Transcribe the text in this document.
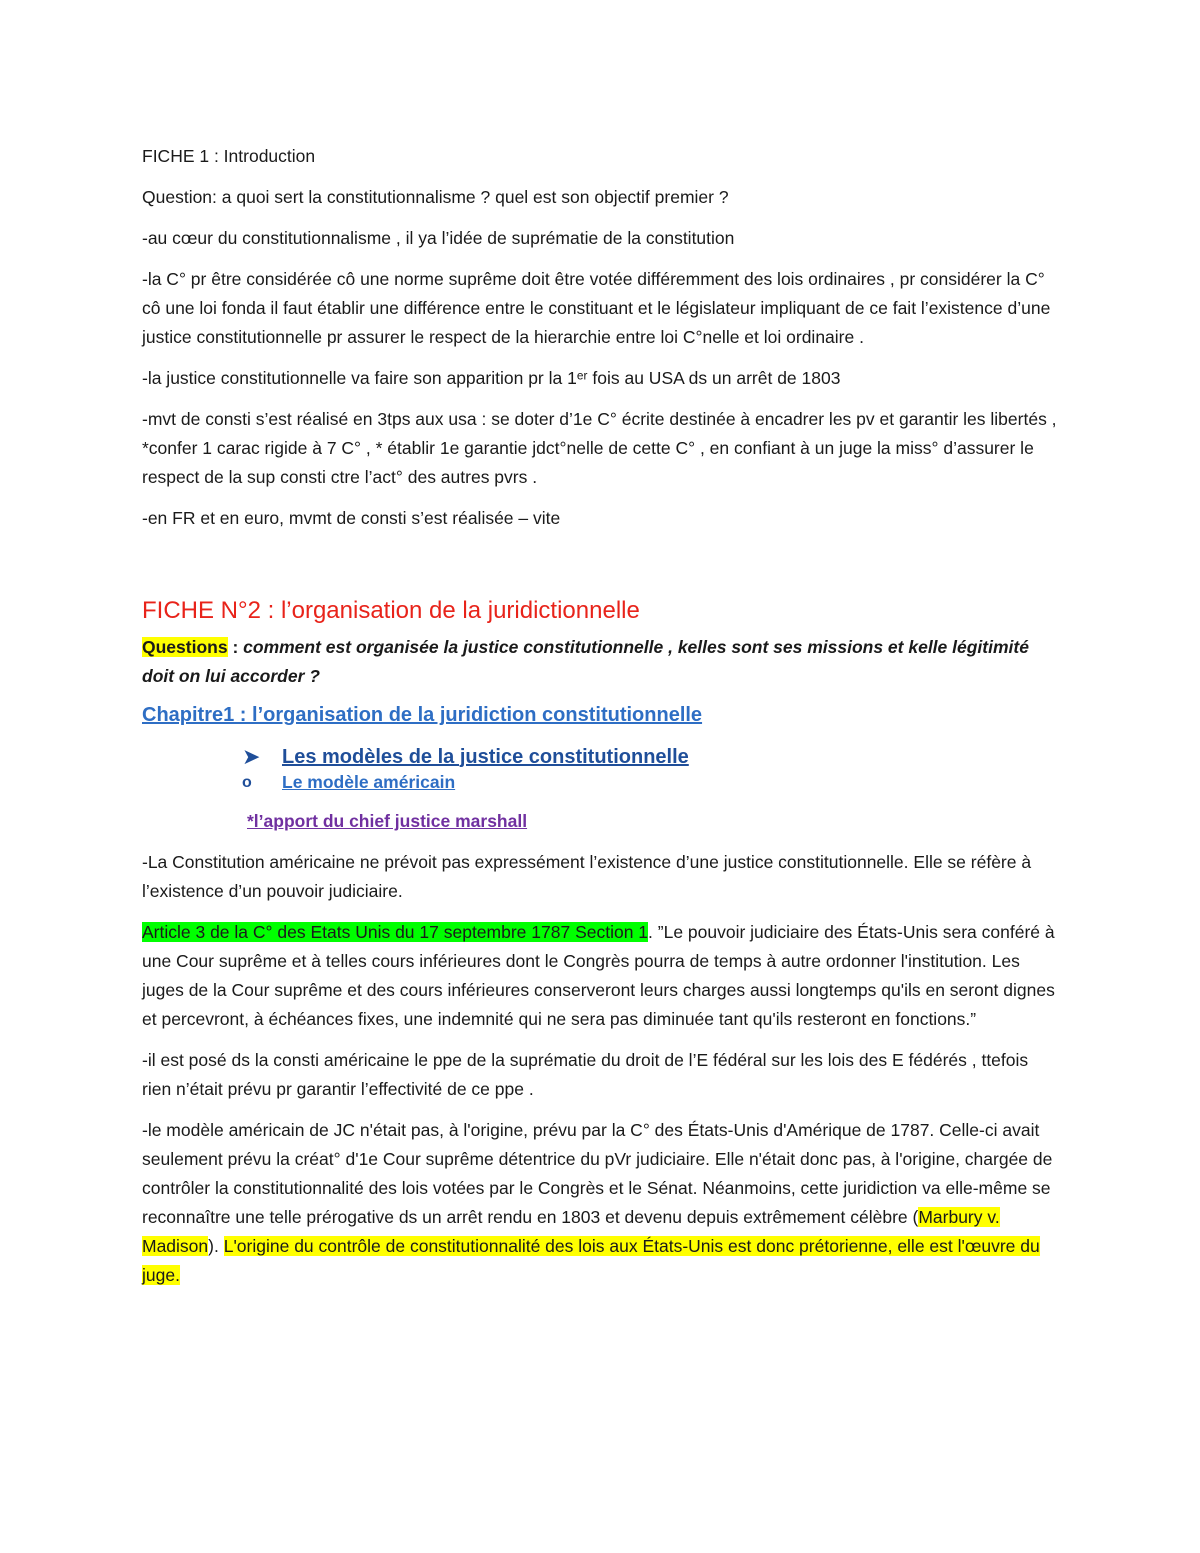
FICHE 1 : Introduction

Question: a quoi sert la constitutionnalisme ? quel est son objectif premier ?

-au cœur du constitutionnalisme , il ya l’idée de suprématie de la constitution

-la C° pr être considérée cô une norme suprême doit être votée différemment des lois ordinaires , pr considérer la C° cô une loi fonda il faut établir une différence entre le constituant et le législateur impliquant de ce fait l’existence d’une justice constitutionnelle pr assurer le respect de la hierarchie entre loi C°nelle et loi ordinaire .

-la justice constitutionnelle va faire son apparition pr la 1ᵉʳ fois au USA ds un arrêt de 1803

-mvt de consti s’est réalisé en 3tps aux usa : se doter d’1e C° écrite destinée à encadrer les pv et garantir les libertés , *confer 1 carac rigide à 7 C° , * établir 1e garantie jdct°nelle de cette C° , en confiant à un juge la miss° d’assurer le respect de la sup consti ctre l’act° des autres pvrs .

-en FR et en euro, mvmt de consti s’est réalisée – vite

FICHE N°2 : l’organisation de la juridictionnelle

Questions : comment est organisée la justice constitutionnelle , kelles sont ses missions et kelle légitimité doit on lui accorder ?

Chapitre1 : l’organisation de la juridiction constitutionnelle

➤	Les modèles de la justice constitutionnelle
o	Le modèle américain

*l’apport du chief justice marshall

-La Constitution américaine ne prévoit pas expressément l’existence d’une justice constitutionnelle. Elle se réfère à l’existence d’un pouvoir judiciaire.

Article 3 de la C° des Etats Unis du 17 septembre 1787 Section 1. ”Le pouvoir judiciaire des États-Unis sera conféré à une Cour suprême et à telles cours inférieures dont le Congrès pourra de temps à autre ordonner l'institution. Les juges de la Cour suprême et des cours inférieures conserveront leurs charges aussi longtemps qu'ils en seront dignes et percevront, à échéances fixes, une indemnité qui ne sera pas diminuée tant qu'ils resteront en fonctions.”

-il est posé ds la consti américaine le ppe de la suprématie du droit de l’E fédéral sur les lois des E fédérés , ttefois rien n’était prévu pr garantir l’effectivité de ce ppe .

-le modèle américain de JC n'était pas, à l'origine, prévu par la C° des États-Unis d'Amérique de 1787. Celle-ci avait seulement prévu la créat° d'1e Cour suprême détentrice du pVr judiciaire. Elle n'était donc pas, à l'origine, chargée de contrôler la constitutionnalité des lois votées par le Congrès et le Sénat. Néanmoins, cette juridiction va elle-même se reconnaître une telle prérogative ds un arrêt rendu en 1803 et devenu depuis extrêmement célèbre (Marbury v. Madison). L'origine du contrôle de constitutionnalité des lois aux États-Unis est donc prétorienne, elle est l'œuvre du juge.
